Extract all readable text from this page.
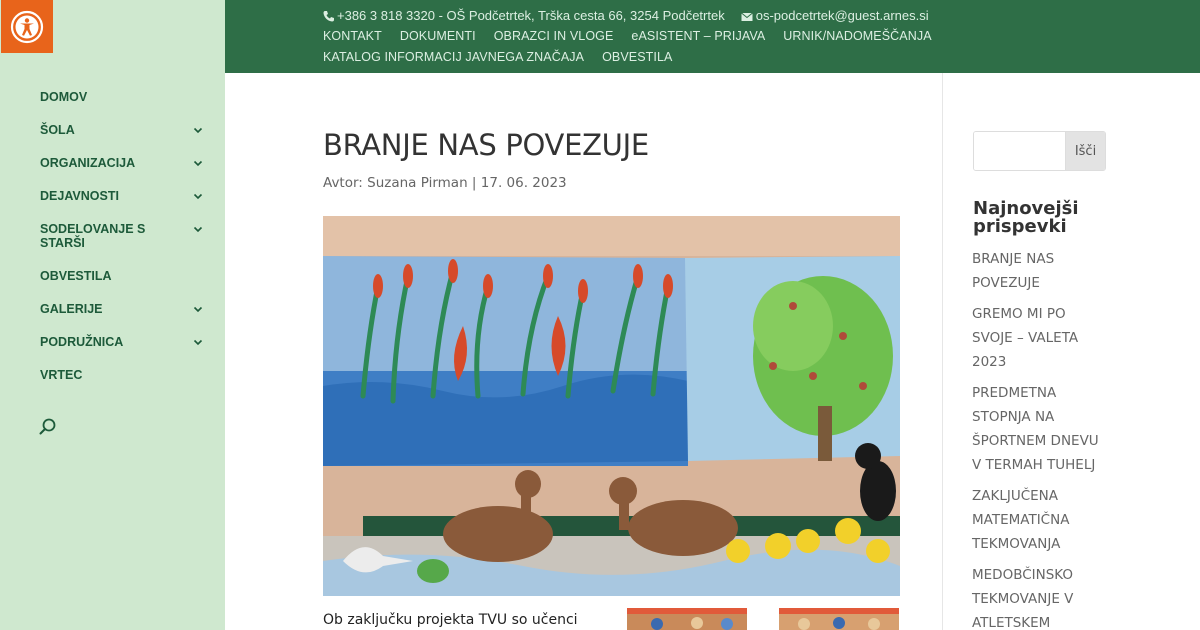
DOMOV
ŠOLA
ORGANIZACIJA
DEJAVNOSTI
SODELOVANJE S STARŠI
OBVESTILA
GALERIJE
PODRUŽNICA
VRTEC
+386 3 818 3320 - OŠ Podčetrtek, Trška cesta 66, 3254 Podčetrtek os-podcetrtek@guest.arnes.si
KONTAKT DOKUMENTI OBRAZCI IN VLOGE eASISTENT – PRIJAVA URNIK/NADOMEŠČANJA
KATALOG INFORMACIJ JAVNEGA ZNAČAJA OBVESTILA
BRANJE NAS POVEZUJE
Avtor: Suzana Pirman | 17. 06. 2023

Ob zaključku projekta TVU so učenci

Išči
Najnovejši prispevki
BRANJE NAS POVEZUJE
GREMO MI PO SVOJE – VALETA 2023
PREDMETNA STOPNJA NA ŠPORTNEM DNEVU V TERMAH TUHELJ
ZAKLJUČENA MATEMATIČNA TEKMOVANJA
MEDOBČINSKO TEKMOVANJE V ATLETSKEM
